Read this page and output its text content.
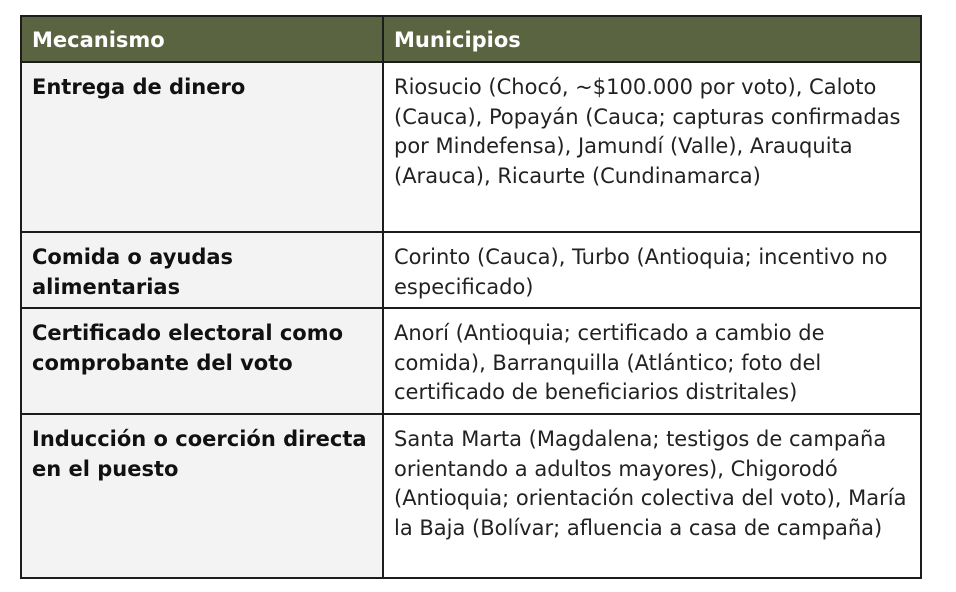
Mecanismo	Municipios
Entrega de dinero	Riosucio (Chocó, ~$100.000 por voto), Caloto (Cauca), Popayán (Cauca; capturas confirmadas por Mindefensa), Jamundí (Valle), Arauquita (Arauca), Ricaurte (Cundinamarca)
Comida o ayudas alimentarias
Corinto (Cauca), Turbo (Antioquia; incentivo no especificado)
Certificado electoral como comprobante del voto
Anorí (Antioquia; certificado a cambio de comida), Barranquilla (Atlántico; foto del certificado de beneficiarios distritales)
Inducción o coerción directa en el puesto
Santa Marta (Magdalena; testigos de campaña orientando a adultos mayores), Chigorodó (Antioquia; orientación colectiva del voto), María la Baja (Bolívar; afluencia a casa de campaña)
